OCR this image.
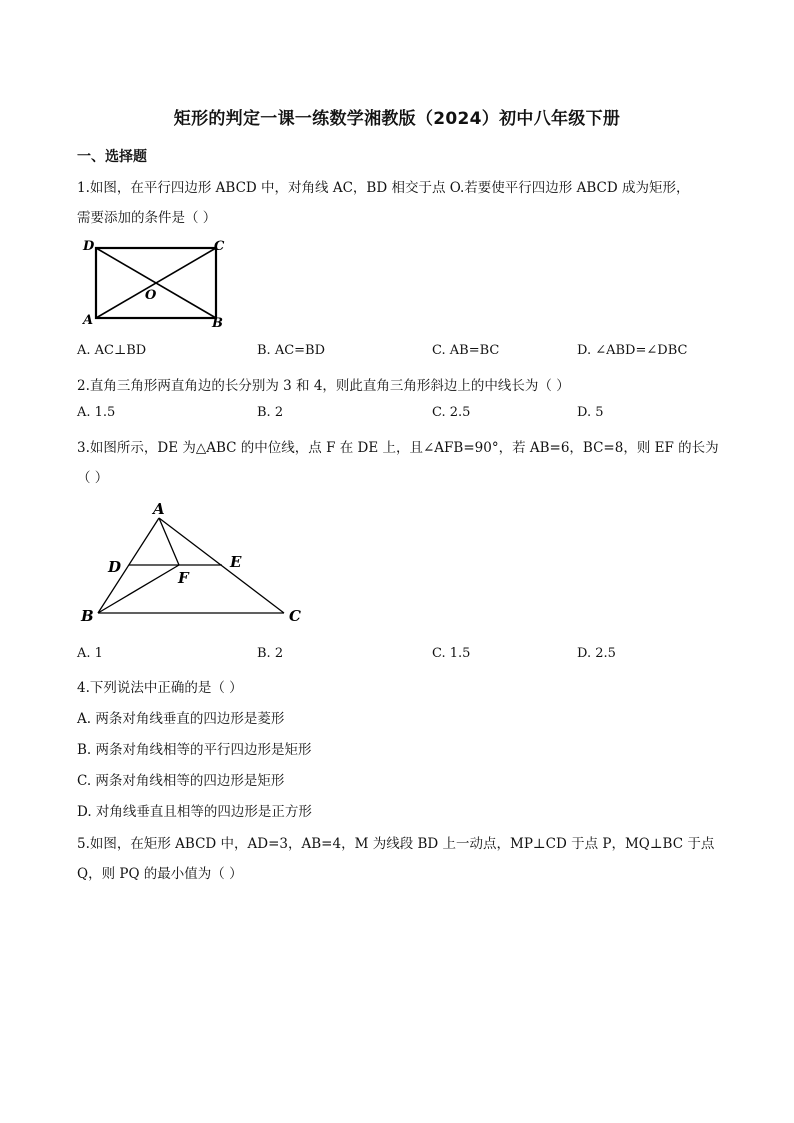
矩形的判定一课一练数学湘教版（2024）初中八年级下册
一、选择题
1.如图，在平行四边形 ABCD 中，对角线 AC，BD 相交于点 O.若要使平行四边形 ABCD 成为矩形，
需要添加的条件是（ ）
D	C
A	B
O
A. AC⊥BD	B. AC=BD	C. AB=BC	D. ∠ABD=∠DBC
2.直角三角形两直角边的长分别为 3 和 4，则此直角三角形斜边上的中线长为（ ）
A. 1.5	B. 2	C. 2.5	D. 5
3.如图所示，DE 为△ABC 的中位线，点 F 在 DE 上，且∠AFB=90°，若 AB=6，BC=8，则 EF 的长为
（ ）
A
D	E
F
B	C
A. 1	B. 2	C. 1.5	D. 2.5
4.下列说法中正确的是（ ）
A. 两条对角线垂直的四边形是菱形
B. 两条对角线相等的平行四边形是矩形
C. 两条对角线相等的四边形是矩形
D. 对角线垂直且相等的四边形是正方形
5.如图，在矩形 ABCD 中，AD=3，AB=4，M 为线段 BD 上一动点，MP⊥CD 于点 P，MQ⊥BC 于点
Q，则 PQ 的最小值为（ ）
